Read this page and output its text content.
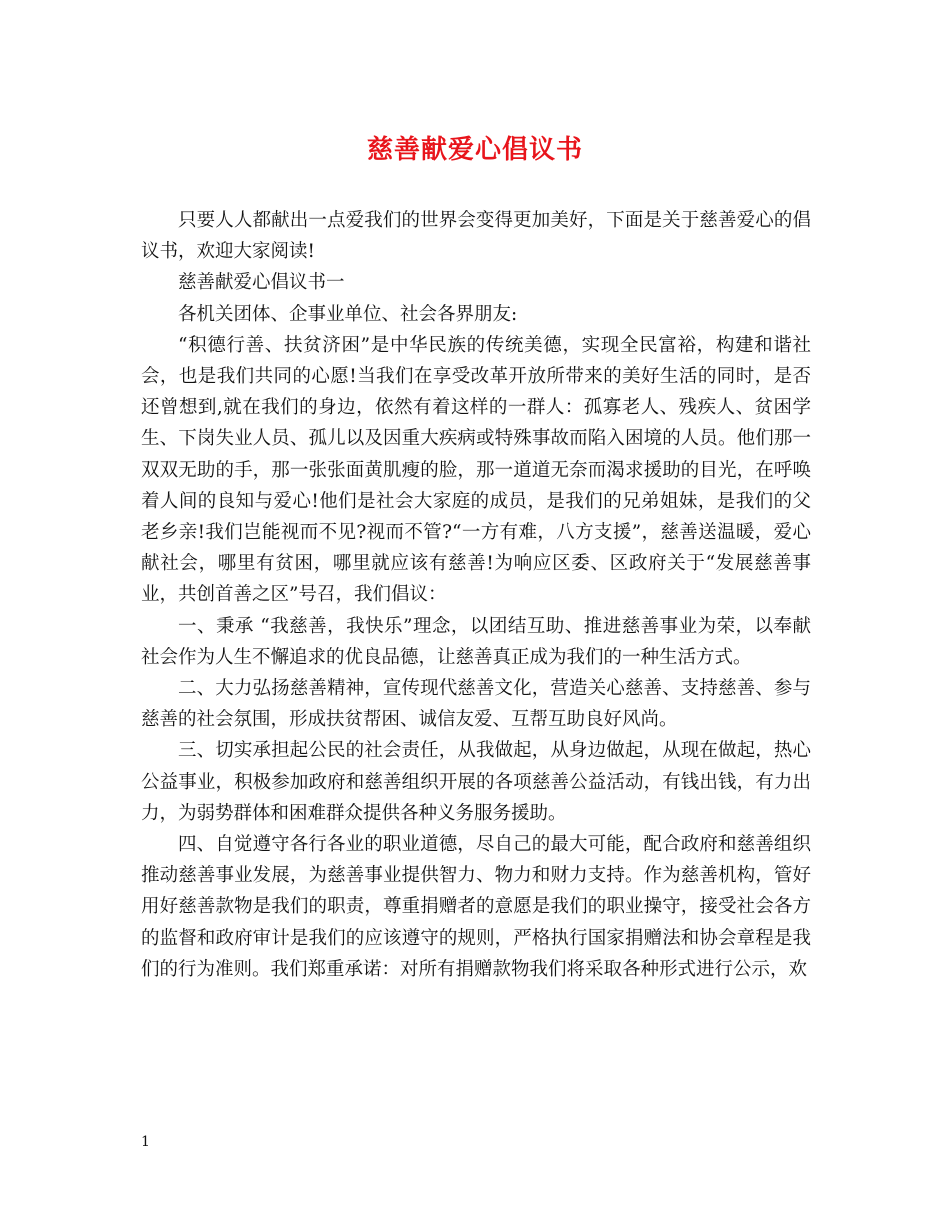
慈善献爱心倡议书

只要人人都献出一点爱我们的世界会变得更加美好，下面是关于慈善爱心的倡议书，欢迎大家阅读!

慈善献爱心倡议书一

各机关团体、企事业单位、社会各界朋友:

“积德行善、扶贫济困”是中华民族的传统美德，实现全民富裕，构建和谐社会，也是我们共同的心愿!当我们在享受改革开放所带来的美好生活的同时，是否还曾想到,就在我们的身边，依然有着这样的一群人：孤寡老人、残疾人、贫困学生、下岗失业人员、孤儿以及因重大疾病或特殊事故而陷入困境的人员。他们那一双双无助的手，那一张张面黄肌瘦的脸，那一道道无奈而渴求援助的目光，在呼唤着人间的良知与爱心!他们是社会大家庭的成员，是我们的兄弟姐妹，是我们的父老乡亲!我们岂能视而不见?视而不管?“一方有难，八方支援”，慈善送温暖，爱心献社会，哪里有贫困，哪里就应该有慈善!为响应区委、区政府关于“发展慈善事业，共创首善之区”号召，我们倡议：

一、秉承 “我慈善，我快乐”理念，以团结互助、推进慈善事业为荣，以奉献社会作为人生不懈追求的优良品德，让慈善真正成为我们的一种生活方式。

二、大力弘扬慈善精神，宣传现代慈善文化，营造关心慈善、支持慈善、参与慈善的社会氛围，形成扶贫帮困、诚信友爱、互帮互助良好风尚。

三、切实承担起公民的社会责任，从我做起，从身边做起，从现在做起，热心公益事业，积极参加政府和慈善组织开展的各项慈善公益活动，有钱出钱，有力出力，为弱势群体和困难群众提供各种义务服务援助。

四、自觉遵守各行各业的职业道德，尽自己的最大可能，配合政府和慈善组织推动慈善事业发展，为慈善事业提供智力、物力和财力支持。作为慈善机构，管好用好慈善款物是我们的职责，尊重捐赠者的意愿是我们的职业操守，接受社会各方的监督和政府审计是我们的应该遵守的规则，严格执行国家捐赠法和协会章程是我们的行为准则。我们郑重承诺：对所有捐赠款物我们将采取各种形式进行公示，欢

1
